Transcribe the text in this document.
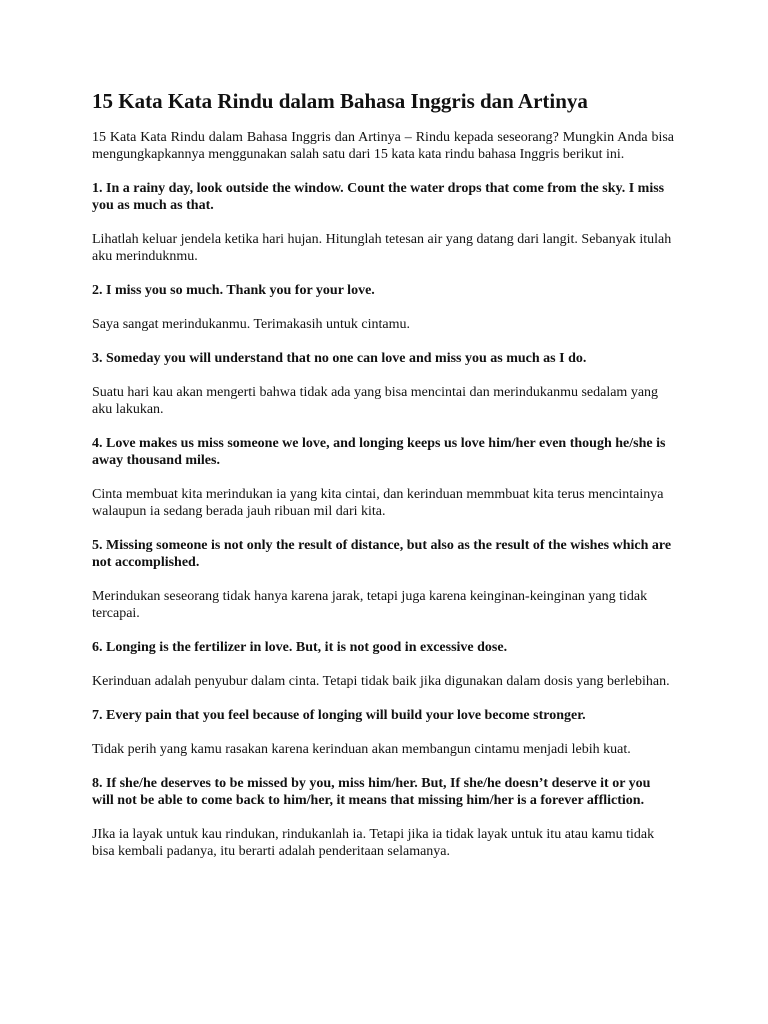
15 Kata Kata Rindu dalam Bahasa Inggris dan Artinya

15 Kata Kata Rindu dalam Bahasa Inggris dan Artinya – Rindu kepada seseorang? Mungkin Anda bisa mengungkapkannya menggunakan salah satu dari 15 kata kata rindu bahasa Inggris berikut ini.

1. In a rainy day, look outside the window. Count the water drops that come from the sky. I miss you as much as that.

Lihatlah keluar jendela ketika hari hujan. Hitunglah tetesan air yang datang dari langit. Sebanyak itulah aku merinduknmu.

2. I miss you so much. Thank you for your love.

Saya sangat merindukanmu. Terimakasih untuk cintamu.

3. Someday you will understand that no one can love and miss you as much as I do.

Suatu hari kau akan mengerti bahwa tidak ada yang bisa mencintai dan merindukanmu sedalam yang aku lakukan.

4. Love makes us miss someone we love, and longing keeps us love him/her even though he/she is away thousand miles.

Cinta membuat kita merindukan ia yang kita cintai, dan kerinduan memmbuat kita terus mencintainya walaupun ia sedang berada jauh ribuan mil dari kita.

5. Missing someone is not only the result of distance, but also as the result of the wishes which are not accomplished.

Merindukan seseorang tidak hanya karena jarak, tetapi juga karena keinginan-keinginan yang tidak tercapai.

6. Longing is the fertilizer in love. But, it is not good in excessive dose.

Kerinduan adalah penyubur dalam cinta. Tetapi tidak baik jika digunakan dalam dosis yang berlebihan.

7. Every pain that you feel because of longing will build your love become stronger.

Tidak perih yang kamu rasakan karena kerinduan akan membangun cintamu menjadi lebih kuat.

8. If she/he deserves to be missed by you, miss him/her. But, If she/he doesn’t deserve it or you will not be able to come back to him/her, it means that missing him/her is a forever affliction.

JIka ia layak untuk kau rindukan, rindukanlah ia. Tetapi jika ia tidak layak untuk itu atau kamu tidak bisa kembali padanya, itu berarti adalah penderitaan selamanya.
